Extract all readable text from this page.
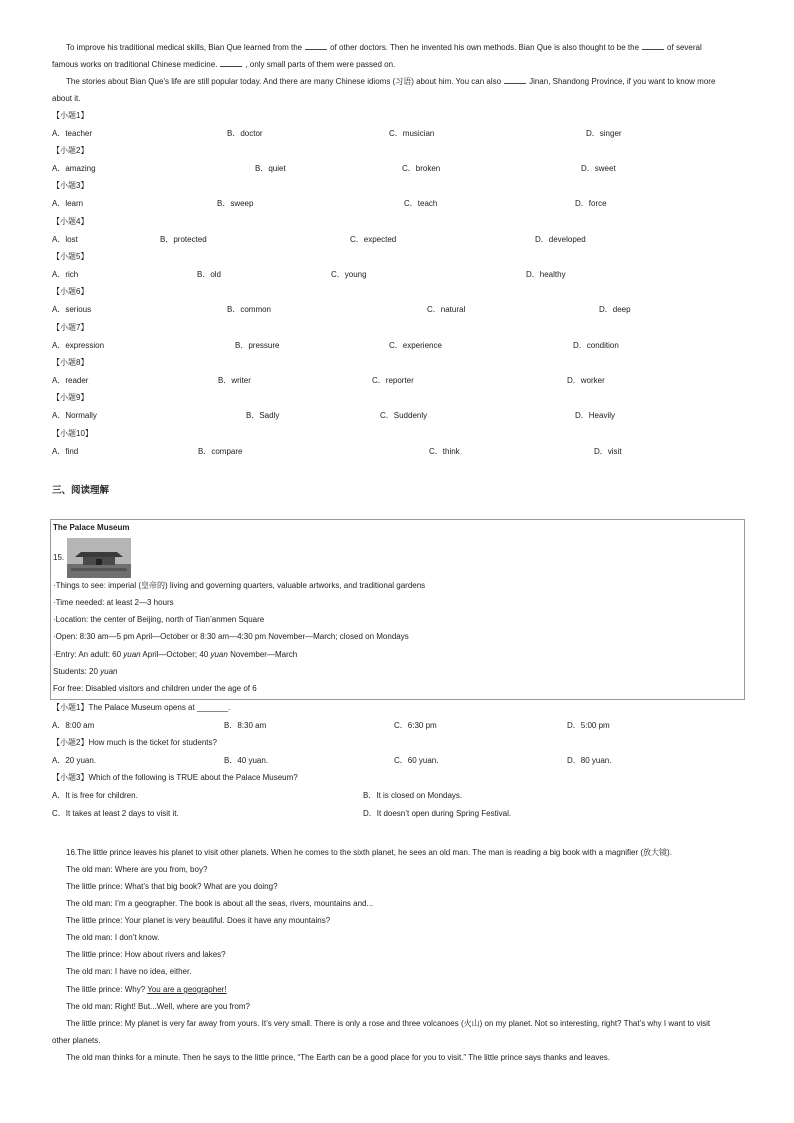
To improve his traditional medical skills, Bian Que learned from the	of other doctors. Then he invented his own methods. Bian Que is also thought to be the	of several
famous works on traditional Chinese medicine.	, only small parts of them were passed on.
The stories about Bian Que’s life are still popular today. And there are many Chinese idioms (习语) about him. You can also	Jinan, Shandong Province, if you want to know more
about it.
【小题1】
A．teacher	B．doctor	C．musician	D．singer
【小题2】
A．amazing	B．quiet	C．broken	D．sweet
【小题3】
A．learn	B．sweep	C．teach	D．force
【小题4】
A．lost	B．protected	C．expected	D．developed
【小题5】
A．rich	B．old	C．young	D．healthy
【小题6】
A．serious	B．common	C．natural	D．deep
【小题7】
A．expression	B．pressure	C．experience	D．condition
【小题8】
A．reader	B．writer	C．reporter	D．worker
【小题9】
A．Normally	B．Sadly	C．Suddenly	D．Heavily
【小题10】
A．find	B．compare	C．think	D．visit
三、阅读理解
The Palace Museum
15.
·Things to see: imperial (皇帝的) living and governing quarters, valuable artworks, and traditional gardens
·Time needed: at least 2—3 hours
·Location: the center of Beijing, north of Tian’anmen Square
·Open: 8:30 am—5 pm April—October or 8:30 am—4:30 pm November—March; closed on Mondays
·Entry: An adult: 60 yuan April—October; 40 yuan November—March
Students: 20 yuan
For free: Disabled visitors and children under the age of 6
【小题1】The Palace Museum opens at _______.
A．8:00 am	B．8:30 am	C．6:30 pm	D．5:00 pm
【小题2】How much is the ticket for students?
A．20 yuan.	B．40 yuan.	C．60 yuan.	D．80 yuan.
【小题3】Which of the following is TRUE about the Palace Museum?
A．It is free for children.	B．It is closed on Mondays.
C．It takes at least 2 days to visit it.	D．It doesn’t open during Spring Festival.
16.The little prince leaves his planet to visit other planets. When he comes to the sixth planet, he sees an old man. The man is reading a big book with a magnifier (放大镜).
The old man: Where are you from, boy?
The little prince: What’s that big book? What are you doing?
The old man: I’m a geographer. The book is about all the seas, rivers, mountains and...
The little prince: Your planet is very beautiful. Does it have any mountains?
The old man: I don’t know.
The little prince: How about rivers and lakes?
The old man: I have no idea, either.
The little prince: Why? You are a geographer!
The old man: Right! But...Well, where are you from?
The little prince: My planet is very far away from yours. It’s very small. There is only a rose and three volcanoes (火山) on my planet. Not so interesting, right? That’s why I want to visit
other planets.
The old man thinks for a minute. Then he says to the little prince, “The Earth can be a good place for you to visit.” The little prince says thanks and leaves.
